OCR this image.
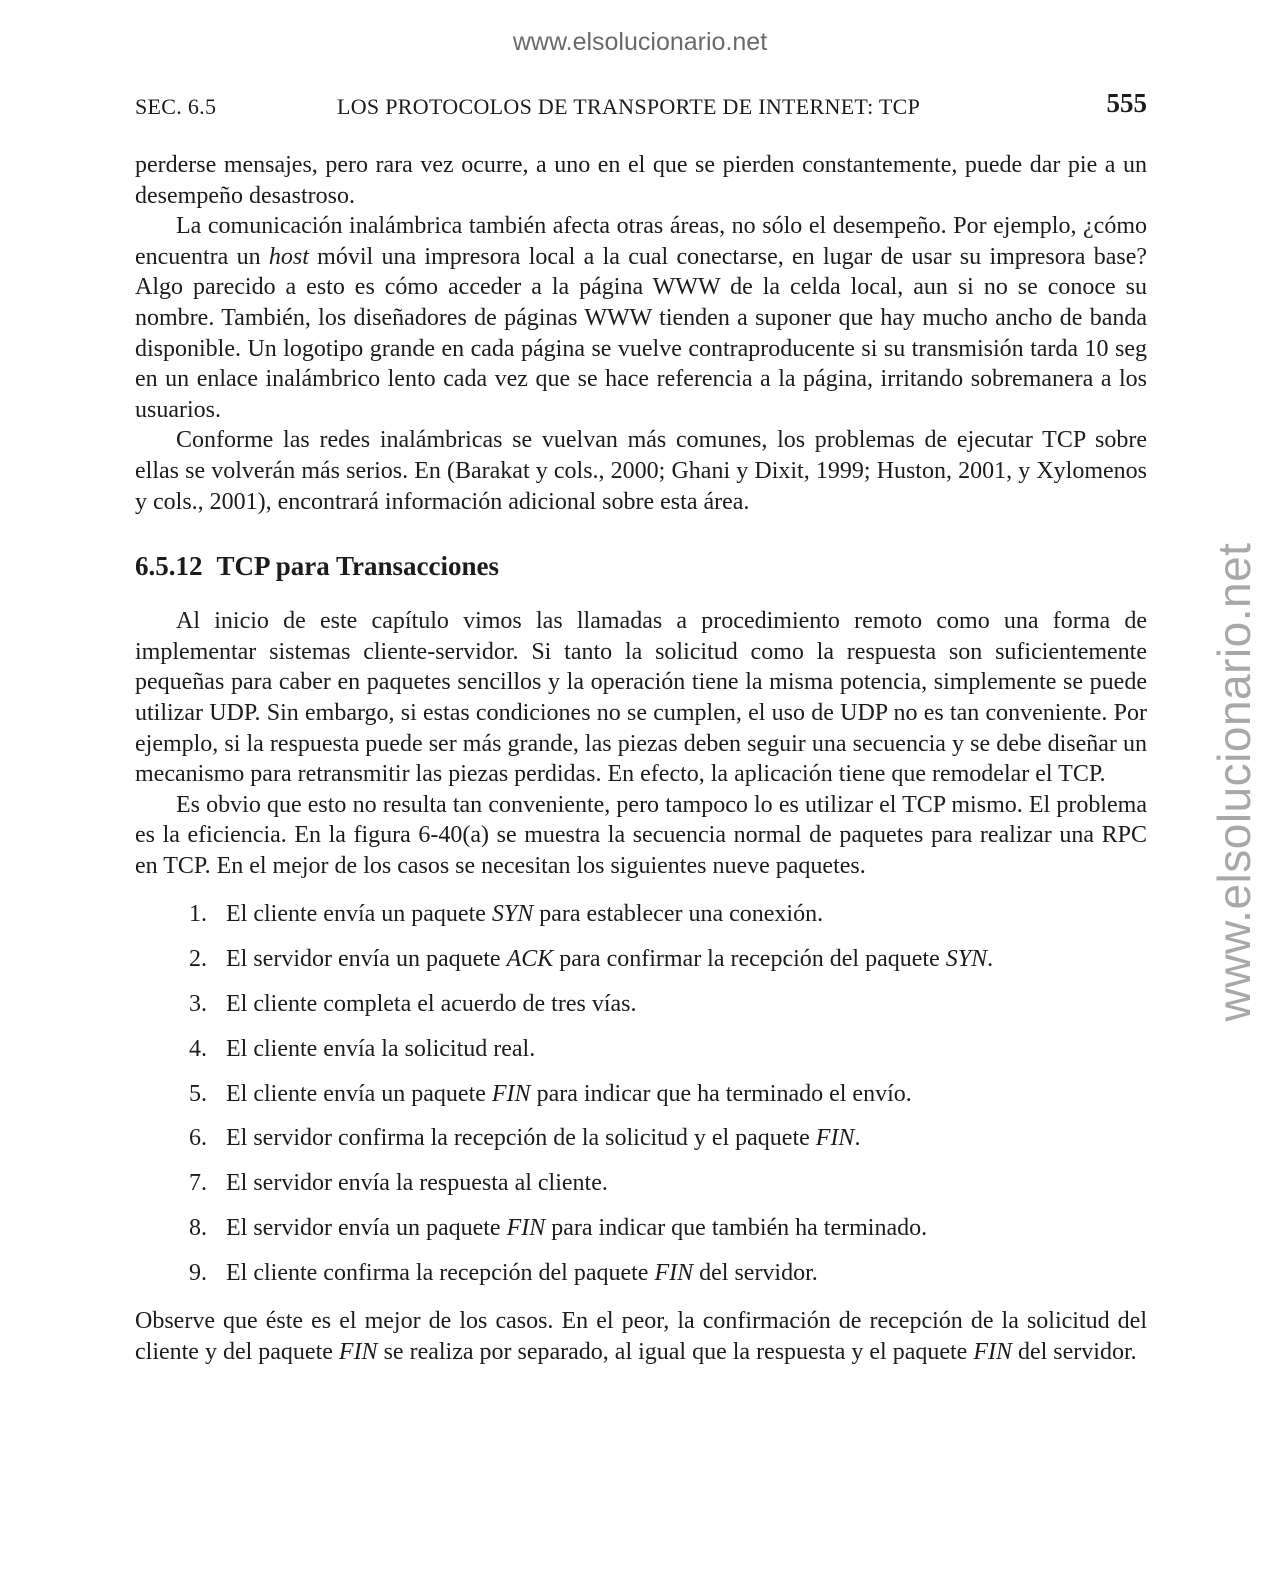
www.elsolucionario.net
www.elsolucionario.net
SEC. 6.5	LOS PROTOCOLOS DE TRANSPORTE DE INTERNET: TCP	555

perderse mensajes, pero rara vez ocurre, a uno en el que se pierden constantemente, puede dar pie a un desempeño desastroso.

La comunicación inalámbrica también afecta otras áreas, no sólo el desempeño. Por ejemplo, ¿cómo encuentra un host móvil una impresora local a la cual conectarse, en lugar de usar su impresora base? Algo parecido a esto es cómo acceder a la página WWW de la celda local, aun si no se conoce su nombre. También, los diseñadores de páginas WWW tienden a suponer que hay mucho ancho de banda disponible. Un logotipo grande en cada página se vuelve contraproducente si su transmisión tarda 10 seg en un enlace inalámbrico lento cada vez que se hace referencia a la página, irritando sobremanera a los usuarios.

Conforme las redes inalámbricas se vuelvan más comunes, los problemas de ejecutar TCP sobre ellas se volverán más serios. En (Barakat y cols., 2000; Ghani y Dixit, 1999; Huston, 2001, y Xylomenos y cols., 2001), encontrará información adicional sobre esta área.

6.5.12 TCP para Transacciones

Al inicio de este capítulo vimos las llamadas a procedimiento remoto como una forma de implementar sistemas cliente-servidor. Si tanto la solicitud como la respuesta son suficientemente pequeñas para caber en paquetes sencillos y la operación tiene la misma potencia, simplemente se puede utilizar UDP. Sin embargo, si estas condiciones no se cumplen, el uso de UDP no es tan conveniente. Por ejemplo, si la respuesta puede ser más grande, las piezas deben seguir una secuencia y se debe diseñar un mecanismo para retransmitir las piezas perdidas. En efecto, la aplicación tiene que remodelar el TCP.

Es obvio que esto no resulta tan conveniente, pero tampoco lo es utilizar el TCP mismo. El problema es la eficiencia. En la figura 6-40(a) se muestra la secuencia normal de paquetes para realizar una RPC en TCP. En el mejor de los casos se necesitan los siguientes nueve paquetes.

1. El cliente envía un paquete SYN para establecer una conexión.
2. El servidor envía un paquete ACK para confirmar la recepción del paquete SYN.
3. El cliente completa el acuerdo de tres vías.
4. El cliente envía la solicitud real.
5. El cliente envía un paquete FIN para indicar que ha terminado el envío.
6. El servidor confirma la recepción de la solicitud y el paquete FIN.
7. El servidor envía la respuesta al cliente.
8. El servidor envía un paquete FIN para indicar que también ha terminado.
9. El cliente confirma la recepción del paquete FIN del servidor.

Observe que éste es el mejor de los casos. En el peor, la confirmación de recepción de la solicitud del cliente y del paquete FIN se realiza por separado, al igual que la respuesta y el paquete FIN del servidor.
